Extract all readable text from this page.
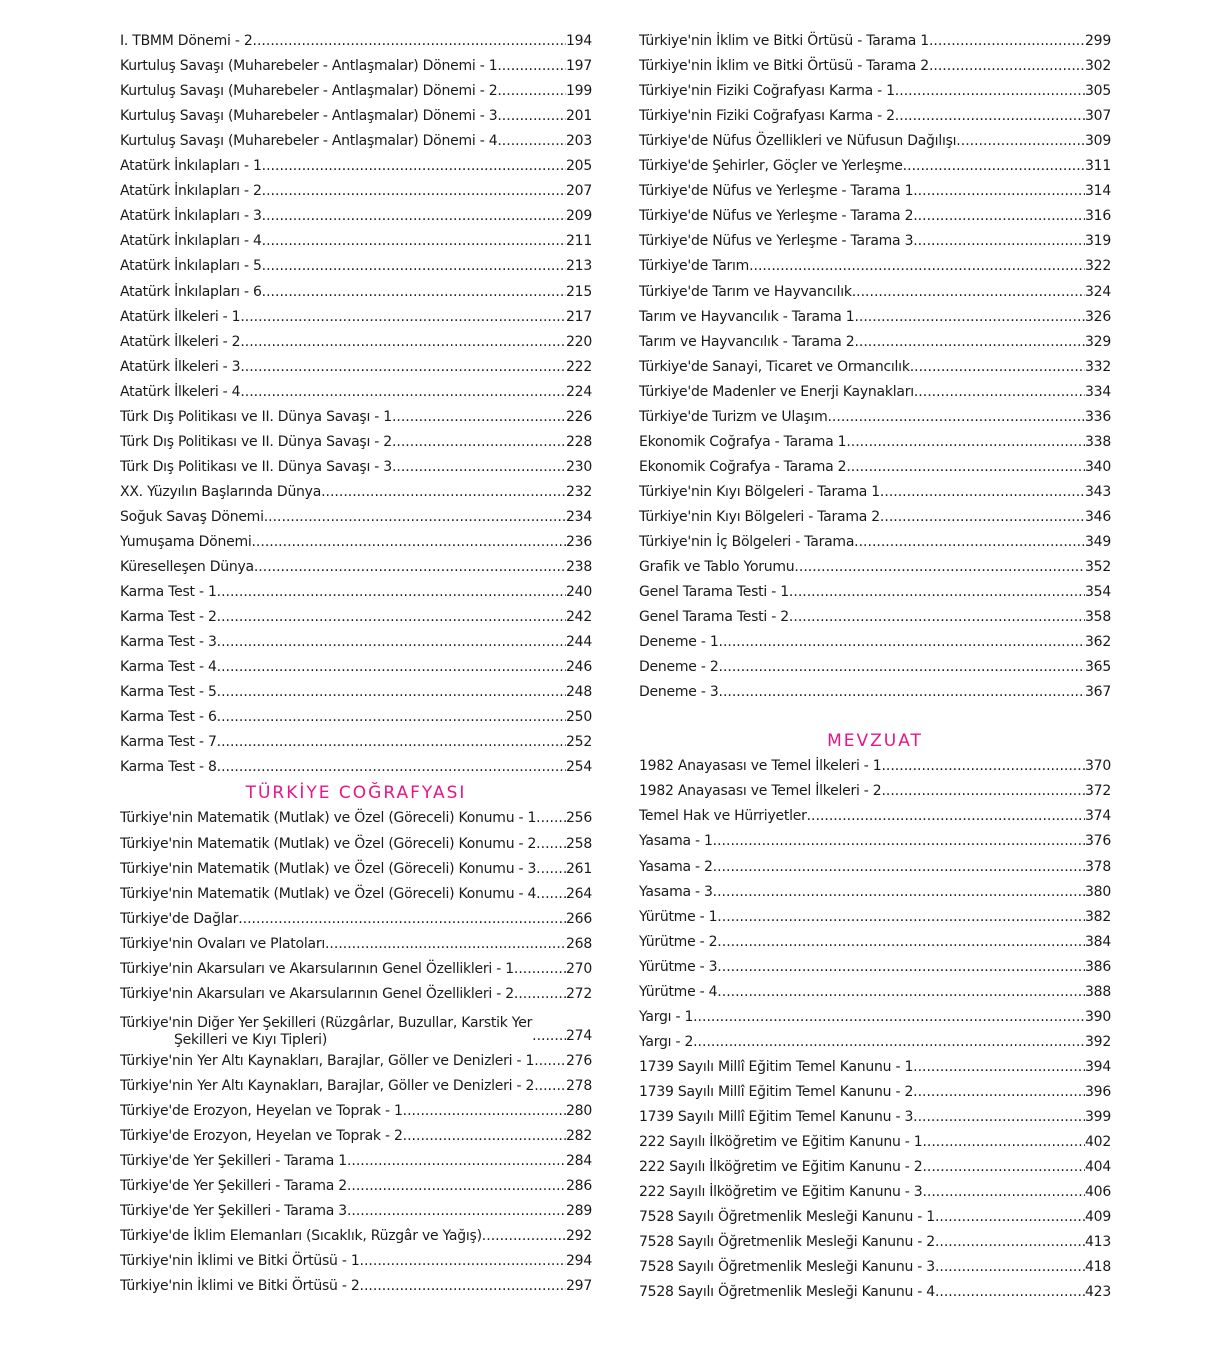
I. TBMM Dönemi - 2 .....	194
Kurtuluş Savaşı (Muharebeler - Antlaşmalar) Dönemi - 1 .....	197
Kurtuluş Savaşı (Muharebeler - Antlaşmalar) Dönemi - 2 .....	199
Kurtuluş Savaşı (Muharebeler - Antlaşmalar) Dönemi - 3 .....	201
Kurtuluş Savaşı (Muharebeler - Antlaşmalar) Dönemi - 4 .....	203
Atatürk İnkılapları - 1 .....	205
Atatürk İnkılapları - 2 .....	207
Atatürk İnkılapları - 3 .....	209
Atatürk İnkılapları - 4 .....	211
Atatürk İnkılapları - 5 .....	213
Atatürk İnkılapları - 6 .....	215
Atatürk İlkeleri - 1 .....	217
Atatürk İlkeleri - 2 .....	220
Atatürk İlkeleri - 3 .....	222
Atatürk İlkeleri - 4 .....	224
Türk Dış Politikası ve II. Dünya Savaşı - 1 .....	226
Türk Dış Politikası ve II. Dünya Savaşı - 2 .....	228
Türk Dış Politikası ve II. Dünya Savaşı - 3 .....	230
XX. Yüzyılın Başlarında Dünya .....	232
Soğuk Savaş Dönemi .....	234
Yumuşama Dönemi .....	236
Küreselleşen Dünya .....	238
Karma Test - 1 .....	240
Karma Test - 2 .....	242
Karma Test - 3 .....	244
Karma Test - 4 .....	246
Karma Test - 5 .....	248
Karma Test - 6 .....	250
Karma Test - 7 .....	252
Karma Test - 8 .....	254
TÜRKİYE COĞRAFYASI
Türkiye'nin Matematik (Mutlak) ve Özel (Göreceli) Konumu - 1 ..... 256
Türkiye'nin Matematik (Mutlak) ve Özel (Göreceli) Konumu - 2 ..... 258
Türkiye'nin Matematik (Mutlak) ve Özel (Göreceli) Konumu - 3 ..... 261
Türkiye'nin Matematik (Mutlak) ve Özel (Göreceli) Konumu - 4 ..... 264
Türkiye'de Dağlar .....	266
Türkiye'nin Ovaları ve Platoları .....	268
Türkiye'nin Akarsuları ve Akarsularının Genel Özellikleri - 1 .....	270
Türkiye'nin Akarsuları ve Akarsularının Genel Özellikleri - 2 .....	272
Türkiye'nin Diğer Yer Şekilleri (Rüzgârlar, Buzullar, Karstik Yer
Şekilleri ve Kıyı Tipleri) .....	274
Türkiye'nin Yer Altı Kaynakları, Barajlar, Göller ve Denizleri - 1 ..... 276
Türkiye'nin Yer Altı Kaynakları, Barajlar, Göller ve Denizleri - 2 ..... 278
Türkiye'de Erozyon, Heyelan ve Toprak - 1 .....	280
Türkiye'de Erozyon, Heyelan ve Toprak - 2 .....	282
Türkiye'de Yer Şekilleri - Tarama 1 .....	284
Türkiye'de Yer Şekilleri - Tarama 2 .....	286
Türkiye'de Yer Şekilleri - Tarama 3 .....	289
Türkiye'de İklim Elemanları (Sıcaklık, Rüzgâr ve Yağış) .....	292
Türkiye'nin İklimi ve Bitki Örtüsü - 1 .....	294
Türkiye'nin İklimi ve Bitki Örtüsü - 2 .....	297
Türkiye'nin İklim ve Bitki Örtüsü - Tarama 1 .....	299
Türkiye'nin İklim ve Bitki Örtüsü - Tarama 2 .....	302
Türkiye'nin Fiziki Coğrafyası Karma - 1 .....	305
Türkiye'nin Fiziki Coğrafyası Karma - 2 .....	307
Türkiye'de Nüfus Özellikleri ve Nüfusun Dağılışı .....	309
Türkiye'de Şehirler, Göçler ve Yerleşme .....	311
Türkiye'de Nüfus ve Yerleşme - Tarama 1 .....	314
Türkiye'de Nüfus ve Yerleşme - Tarama 2 .....	316
Türkiye'de Nüfus ve Yerleşme - Tarama 3 .....	319
Türkiye'de Tarım .....	322
Türkiye'de Tarım ve Hayvancılık .....	324
Tarım ve Hayvancılık - Tarama 1 .....	326
Tarım ve Hayvancılık - Tarama 2 .....	329
Türkiye'de Sanayi, Ticaret ve Ormancılık .....	332
Türkiye'de Madenler ve Enerji Kaynakları .....	334
Türkiye'de Turizm ve Ulaşım .....	336
Ekonomik Coğrafya - Tarama 1 .....	338
Ekonomik Coğrafya - Tarama 2 .....	340
Türkiye'nin Kıyı Bölgeleri - Tarama 1 .....	343
Türkiye'nin Kıyı Bölgeleri - Tarama 2 .....	346
Türkiye'nin İç Bölgeleri - Tarama .....	349
Grafik ve Tablo Yorumu .....	352
Genel Tarama Testi - 1 .....	354
Genel Tarama Testi - 2 .....	358
Deneme - 1 .....	362
Deneme - 2 .....	365
Deneme - 3 .....	367
MEVZUAT
1982 Anayasası ve Temel İlkeleri - 1 .....	370
1982 Anayasası ve Temel İlkeleri - 2 .....	372
Temel Hak ve Hürriyetler .....	374
Yasama - 1 .....	376
Yasama - 2 .....	378
Yasama - 3 .....	380
Yürütme - 1 .....	382
Yürütme - 2 .....	384
Yürütme - 3 .....	386
Yürütme - 4 .....	388
Yargı - 1 .....	390
Yargı - 2 .....	392
1739 Sayılı Millî Eğitim Temel Kanunu - 1 .....	394
1739 Sayılı Millî Eğitim Temel Kanunu - 2 .....	396
1739 Sayılı Millî Eğitim Temel Kanunu - 3 .....	399
222 Sayılı İlköğretim ve Eğitim Kanunu - 1 .....	402
222 Sayılı İlköğretim ve Eğitim Kanunu - 2 .....	404
222 Sayılı İlköğretim ve Eğitim Kanunu - 3 .....	406
7528 Sayılı Öğretmenlik Mesleği Kanunu - 1 .....	409
7528 Sayılı Öğretmenlik Mesleği Kanunu - 2 .....	413
7528 Sayılı Öğretmenlik Mesleği Kanunu - 3 .....	418
7528 Sayılı Öğretmenlik Mesleği Kanunu - 4 .....	423
